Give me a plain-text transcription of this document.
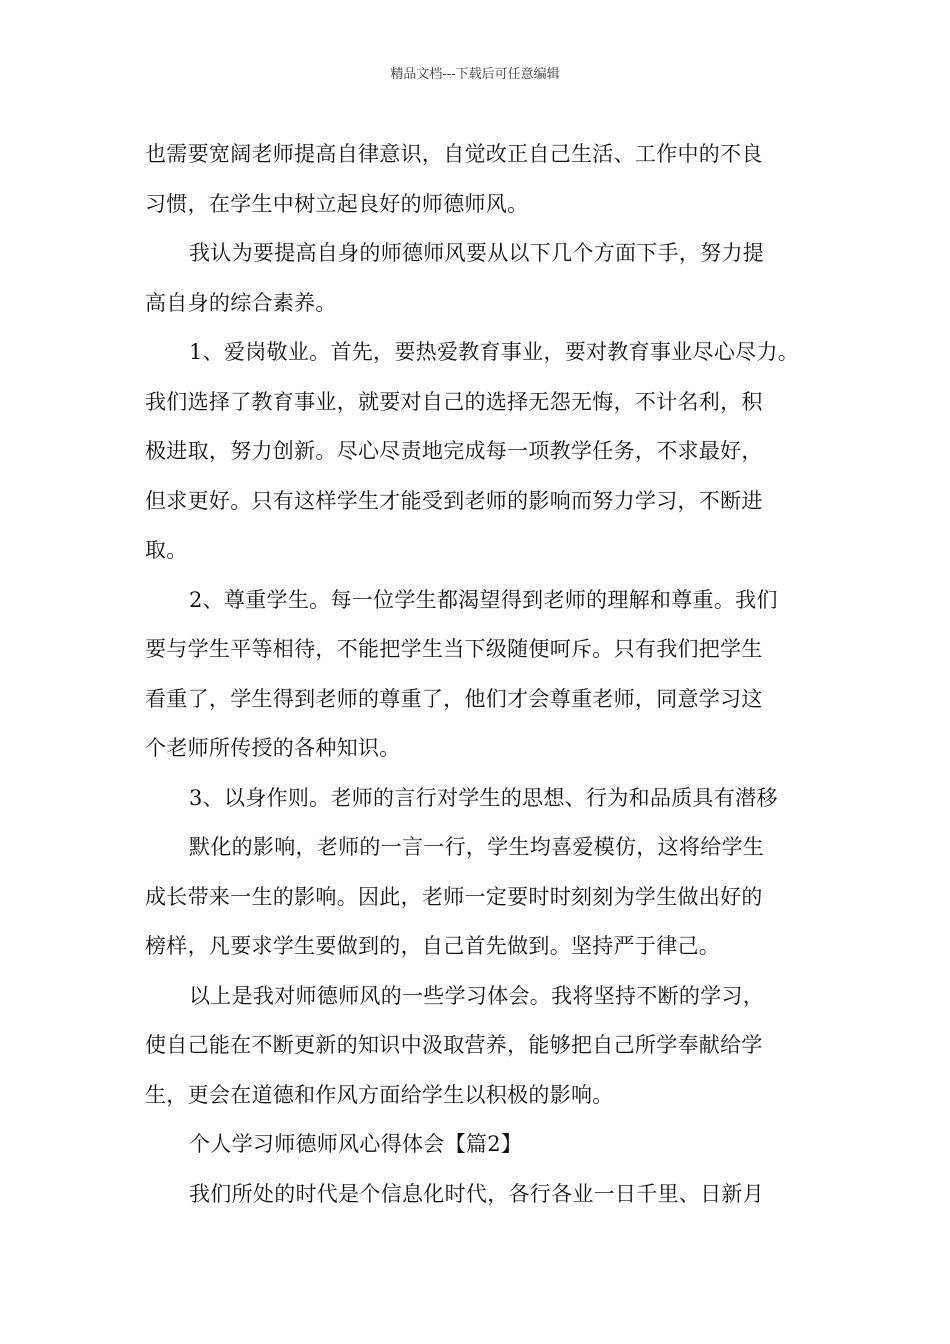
精品文档---下载后可任意编辑
也需要宽阔老师提高自律意识，自觉改正自己生活、工作中的不良
习惯，在学生中树立起良好的师德师风。
我认为要提高自身的师德师风要从以下几个方面下手，努力提
高自身的综合素养。
1、爱岗敬业。首先，要热爱教育事业，要对教育事业尽心尽力。
我们选择了教育事业，就要对自己的选择无怨无悔，不计名利，积
极进取，努力创新。尽心尽责地完成每一项教学任务，不求最好，
但求更好。只有这样学生才能受到老师的影响而努力学习，不断进
取。
2、尊重学生。每一位学生都渴望得到老师的理解和尊重。我们
要与学生平等相待，不能把学生当下级随便呵斥。只有我们把学生
看重了，学生得到老师的尊重了，他们才会尊重老师，同意学习这
个老师所传授的各种知识。
3、以身作则。老师的言行对学生的思想、行为和品质具有潜移
默化的影响，老师的一言一行，学生均喜爱模仿，这将给学生
成长带来一生的影响。因此，老师一定要时时刻刻为学生做出好的
榜样，凡要求学生要做到的，自己首先做到。坚持严于律己。
以上是我对师德师风的一些学习体会。我将坚持不断的学习，
使自己能在不断更新的知识中汲取营养，能够把自己所学奉献给学
生，更会在道德和作风方面给学生以积极的影响。
个人学习师德师风心得体会【篇2】
我们所处的时代是个信息化时代，各行各业一日千里、日新月
